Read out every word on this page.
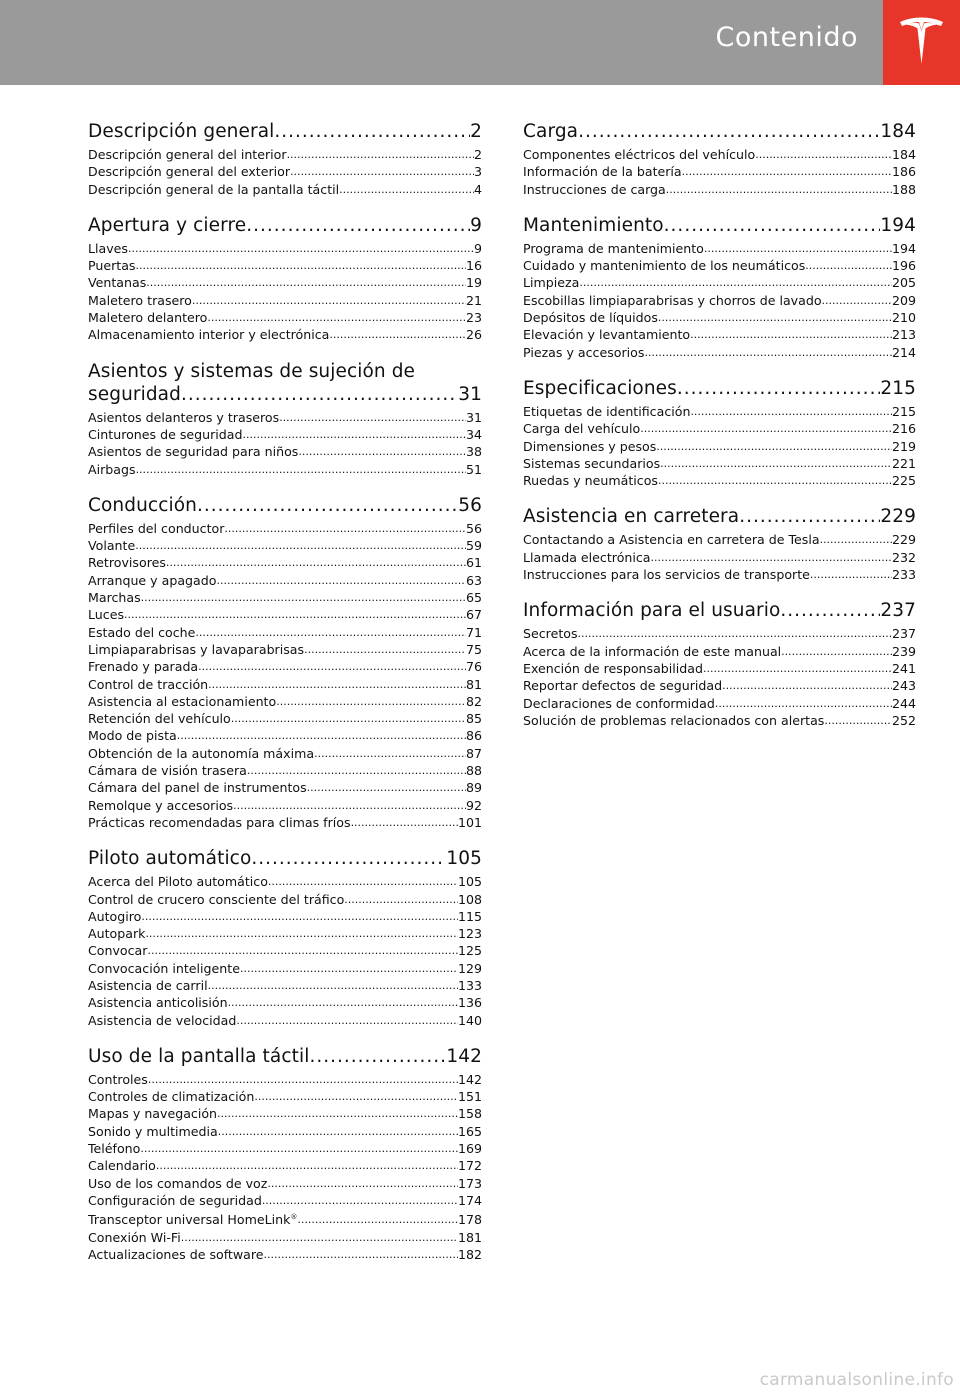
Contenido
Descripción general .....	2
Descripción general del interior .....	2
Descripción general del exterior .....	3
Descripción general de la pantalla táctil .....	4
Apertura y cierre .....	9
Llaves .....	9
Puertas .....	16
Ventanas .....	19
Maletero trasero .....	21
Maletero delantero .....	23
Almacenamiento interior y electrónica .....	26
Asientos y sistemas de sujeción de
seguridad .....	31
Asientos delanteros y traseros .....	31
Cinturones de seguridad .....	34
Asientos de seguridad para niños .....	38
Airbags .....	51
Conducción .....	56
Perfiles del conductor .....	56
Volante .....	59
Retrovisores .....	61
Arranque y apagado .....	63
Marchas .....	65
Luces .....	67
Estado del coche .....	71
Limpiaparabrisas y lavaparabrisas .....	75
Frenado y parada .....	76
Control de tracción .....	81
Asistencia al estacionamiento .....	82
Retención del vehículo .....	85
Modo de pista .....	86
Obtención de la autonomía máxima .....	87
Cámara de visión trasera .....	88
Cámara del panel de instrumentos .....	89
Remolque y accesorios .....	92
Prácticas recomendadas para climas fríos .....	101
Piloto automático .....	105
Acerca del Piloto automático .....	105
Control de crucero consciente del tráfico .....	108
Autogiro .....	115
Autopark .....	123
Convocar .....	125
Convocación inteligente .....	129
Asistencia de carril .....	133
Asistencia anticolisión .....	136
Asistencia de velocidad .....	140
Uso de la pantalla táctil .....	142
Controles .....	142
Controles de climatización .....	151
Mapas y navegación .....	158
Sonido y multimedia .....	165
Teléfono .....	169
Calendario .....	172
Uso de los comandos de voz .....	173
Configuración de seguridad .....	174
Transceptor universal HomeLink® .....	178
Conexión Wi-Fi .....	181
Actualizaciones de software .....	182
Carga .....	184
Componentes eléctricos del vehículo .....	184
Información de la batería .....	186
Instrucciones de carga .....	188
Mantenimiento .....	194
Programa de mantenimiento .....	194
Cuidado y mantenimiento de los neumáticos .....	196
Limpieza .....	205
Escobillas limpiaparabrisas y chorros de lavado .....	209
Depósitos de líquidos .....	210
Elevación y levantamiento .....	213
Piezas y accesorios .....	214
Especificaciones .....	215
Etiquetas de identificación .....	215
Carga del vehículo .....	216
Dimensiones y pesos .....	219
Sistemas secundarios .....	221
Ruedas y neumáticos .....	225
Asistencia en carretera .....	229
Contactando a Asistencia en carretera de Tesla .....	229
Llamada electrónica .....	232
Instrucciones para los servicios de transporte .....	233
Información para el usuario .....	237
Secretos .....	237
Acerca de la información de este manual .....	239
Exención de responsabilidad .....	241
Reportar defectos de seguridad .....	243
Declaraciones de conformidad .....	244
Solución de problemas relacionados con alertas .....	252
carmanualsonline.info
